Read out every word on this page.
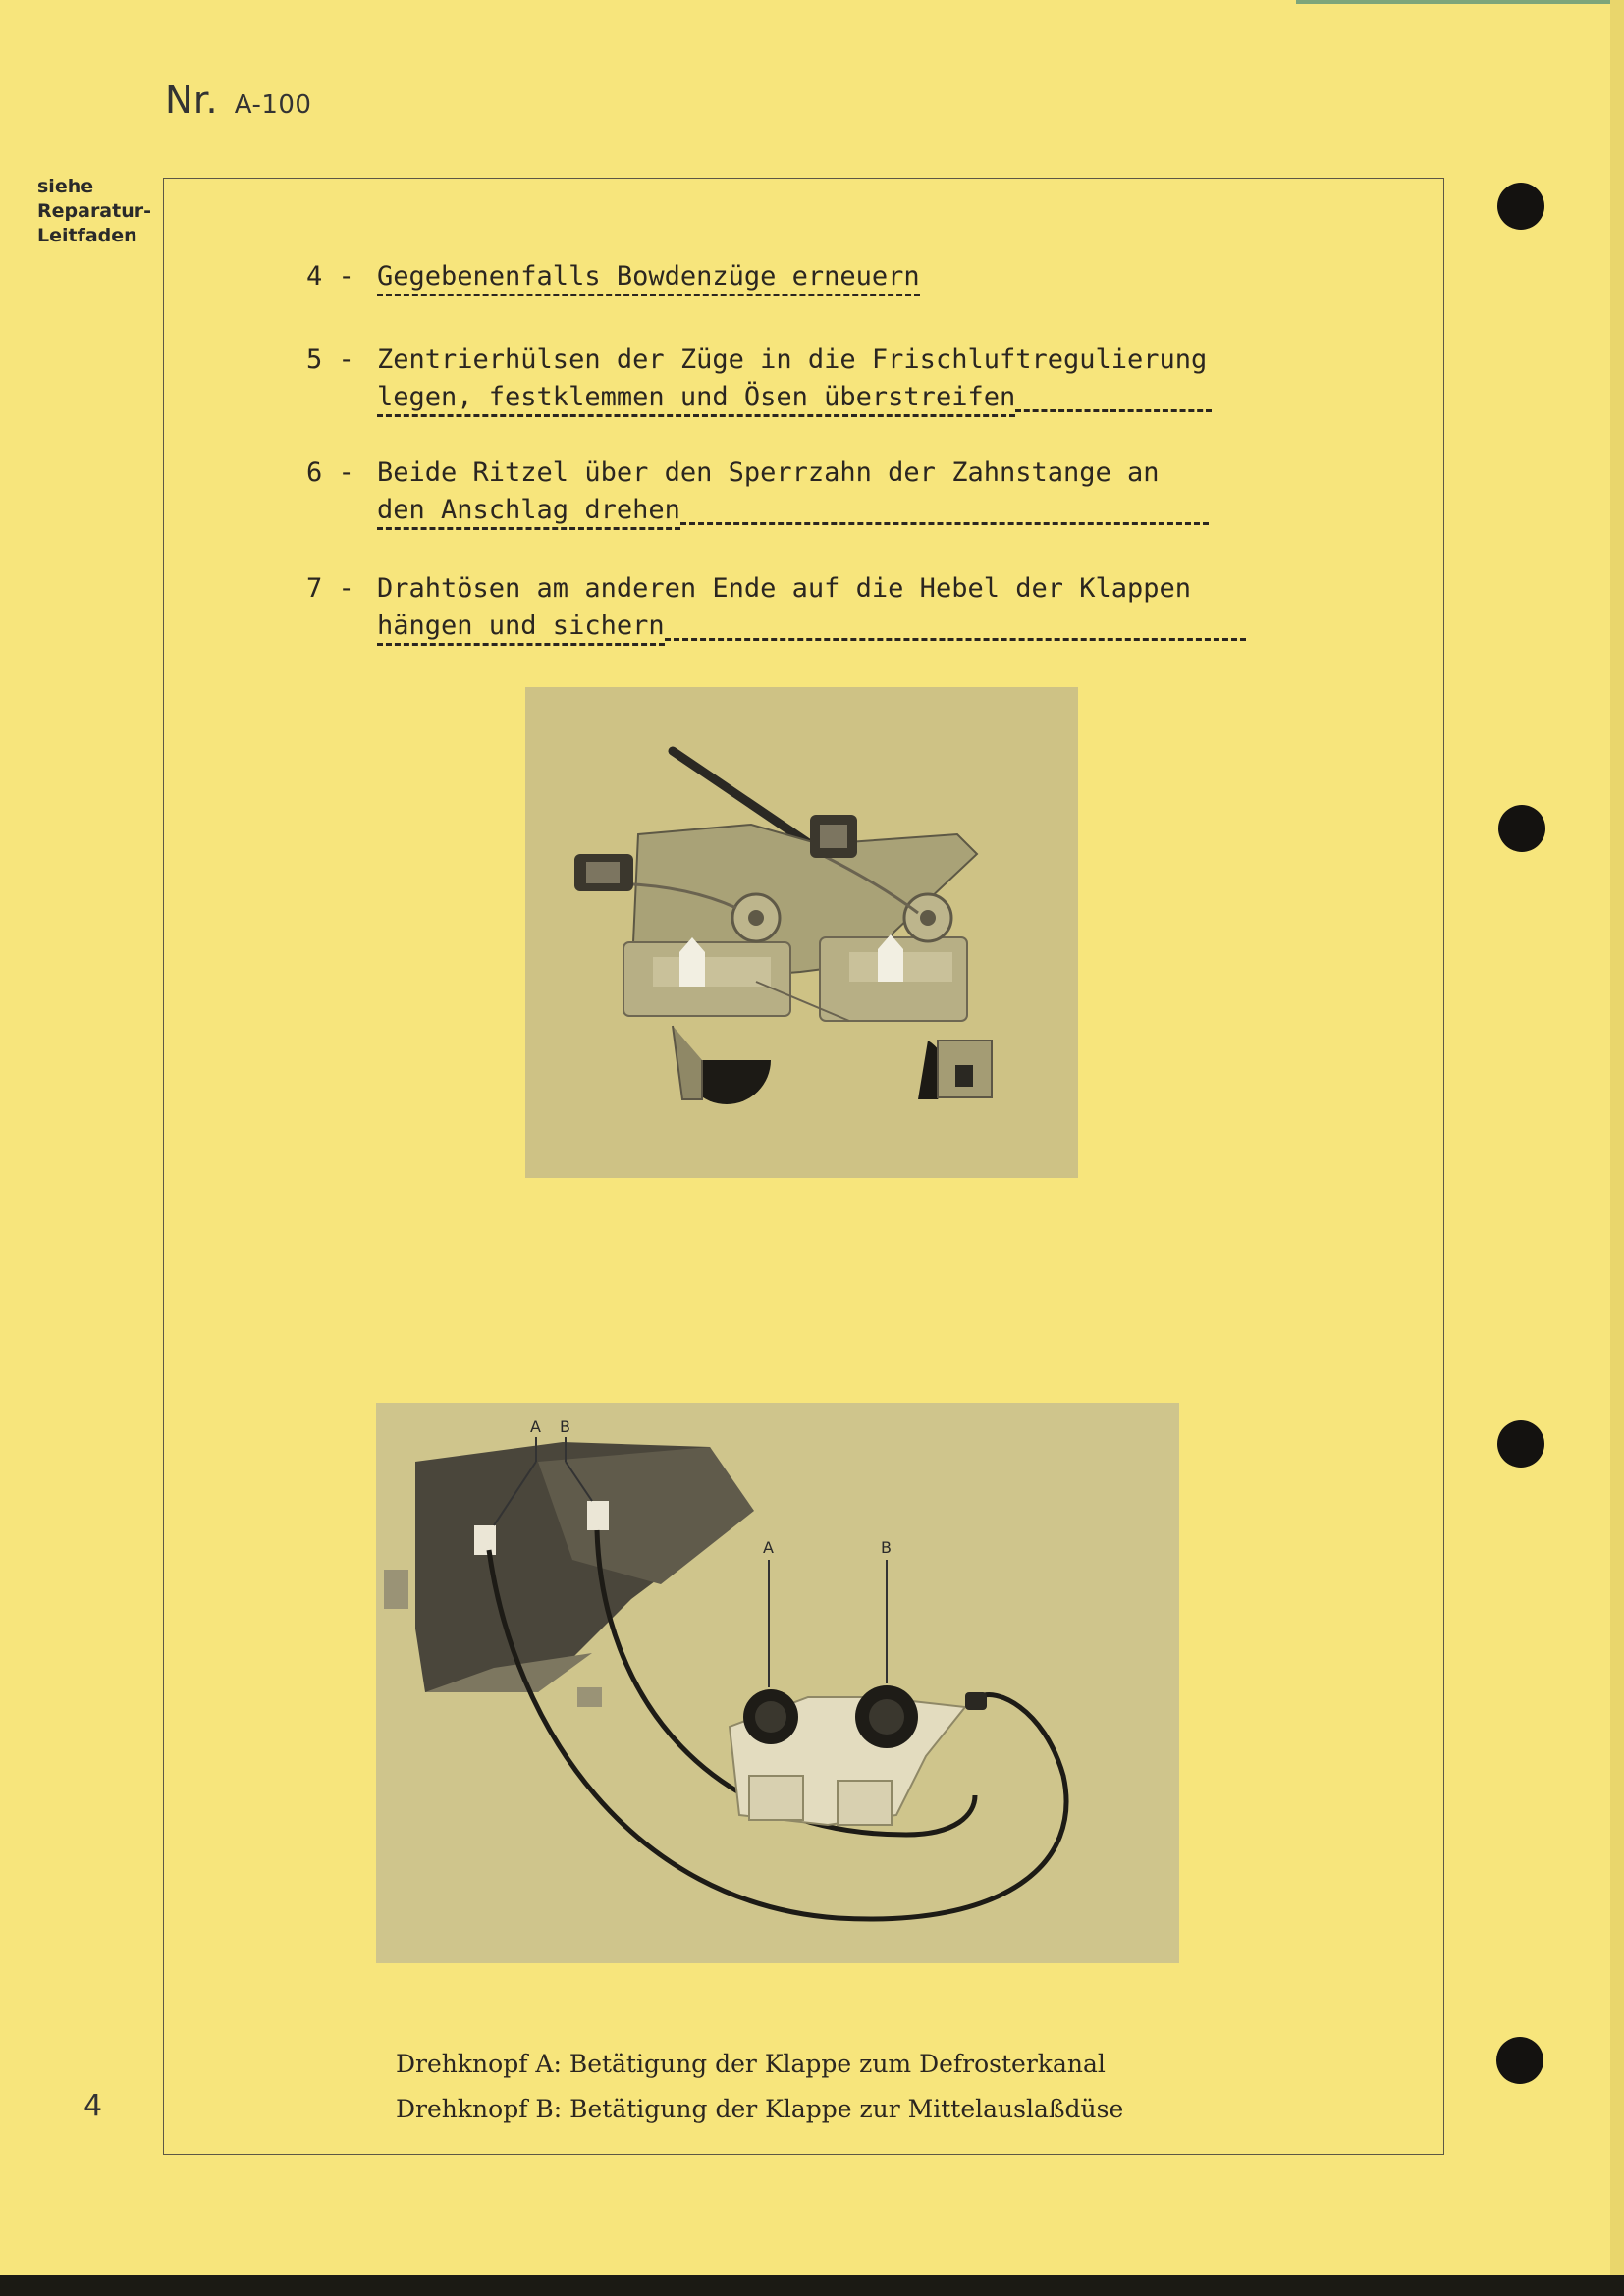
Nr. A-100
siehe
Reparatur-
Leitfaden
4 - Gegebenenfalls Bowdenzüge erneuern
5 - Zentrierhülsen der Züge in die Frischluftregulierung
legen, festklemmen und Ösen überstreifen
6 - Beide Ritzel über den Sperrzahn der Zahnstange an
den Anschlag drehen
7 - Drahtösen am anderen Ende auf die Hebel der Klappen
hängen und sichern
A B
A	B
Drehknopf A: Betätigung der Klappe zum Defrosterkanal
Drehknopf B: Betätigung der Klappe zur Mittelauslaßdüse
4
